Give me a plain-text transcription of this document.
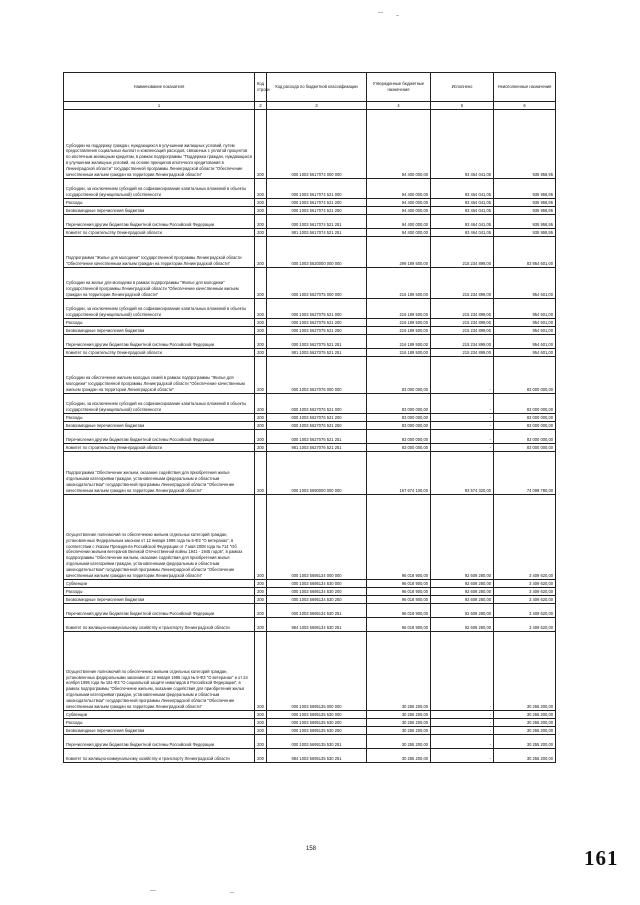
Наименование показателя	Код строки	Код расхода по бюджетной классификации	Утвержденные бюджетные назначения	Исполнено	Неисполненные назначения
1	2	3	4	5	6
Субсидии на поддержку граждан, нуждающихся в улучшении жилищных условий, путем предоставления социальных выплат и компенсаций расходов, связанных с уплатой процентов по ипотечным жилищным кредитам, в рамках подпрограммы "Поддержка граждан, нуждающихся в улучшении жилищных условий, на основе принципов ипотечного кредитования в Ленинградской области" государственной программы Ленинградской области "Обеспечение качественным жильем граждан на территории Ленинградской области"	200	000 1003 5617074 000 000	94 400 000,00	93 464 041,05	935 958,95
Субсидии, за исключением субсидий на софинансирование капитальных вложений в объекты государственной (муниципальной) собственности	200	000 1003 5617074 521 000	94 400 000,00	93 464 041,05	935 958,95
Расходы	200	000 1003 5617074 521 200	94 400 000,00	93 464 041,05	935 958,95
Безвозмездные перечисления бюджетам	200	000 1003 5617074 521 250	94 400 000,00	93 464 041,05	935 958,95
Перечисления другим бюджетам бюджетной системы Российской Федерации	200	000 1003 5617074 521 251	94 400 000,00	93 464 041,05	935 958,95
Комитет по строительству Ленинградской области	200	981 1003 5617074 521 251	94 400 000,00	93 464 041,05	935 958,95
Подпрограмма "Жилье для молодежи" государственной программы Ленинградской области "Обеспечение качественным жильем граждан на территории Ленинградской области"	200	000 1003 5620000 000 000	299 189 500,00	215 234 899,00	83 954 601,00
Субсидии на жилье для молодежи в рамках подпрограммы "Жилье для молодежи" государственной программы Ленинградской области "Обеспечение качественным жильем граждан на территории Ленинградской области"	200	000 1003 5627075 000 000	216 189 500,00	215 234 899,00	954 601,00
Субсидии, за исключением субсидий на софинансирование капитальных вложений в объекты государственной (муниципальной) собственности	200	000 1003 5627075 521 000	216 189 500,00	215 234 899,00	954 601,00
Расходы	200	000 1003 5627075 521 200	216 189 500,00	215 234 899,00	954 601,00
Безвозмездные перечисления бюджетам	200	000 1003 5627075 521 250	216 189 500,00	215 234 899,00	954 601,00
Перечисления другим бюджетам бюджетной системы Российской Федерации	200	000 1003 5627075 521 251	216 189 500,00	215 234 899,00	954 601,00
Комитет по строительству Ленинградской области	200	981 1003 5627075 521 251	216 189 500,00	215 234 899,00	954 601,00
Субсидии на обеспечение жильем молодых семей в рамках подпрограммы "Жилье для молодежи" государственной программы Ленинградской области "Обеспечение качественным жильем граждан на территории Ленинградской области"	200	000 1003 5627076 000 000	83 000 000,00	-	83 000 000,00
Субсидии, за исключением субсидий на софинансирование капитальных вложений в объекты государственной (муниципальной) собственности	200	000 1003 5627076 521 000	83 000 000,00	-	83 000 000,00
Расходы	200	000 1003 5627076 521 200	83 000 000,00	-	83 000 000,00
Безвозмездные перечисления бюджетам	200	000 1003 5627076 521 250	83 000 000,00	-	83 000 000,00
Перечисления другим бюджетам бюджетной системы Российской Федерации	200	000 1003 5627076 521 251	83 000 000,00	-	83 000 000,00
Комитет по строительству Ленинградской области	200	981 1003 5627076 521 251	83 000 000,00	-	83 000 000,00
Подпрограмма "Обеспечение жильем, оказание содействия для приобретения жилья отдельными категориями граждан, установленными федеральным и областным законодательством" государственной программы Ленинградской области "Обеспечение качественным жильем граждан на территории Ленинградской области"	200	000 1003 5690000 000 000	167 674 100,00	93 574 320,00	74 099 780,00
Осуществление полномочий по обеспечению жильем отдельных категорий граждан, установленных Федеральным законом от 12 января 1995 года № 5-ФЗ "О ветеранах", в соответствии с Указом Президента Российской Федерации от 7 мая 2008 года № 714 "Об обеспечении жильем ветеранов Великой Отечественной войны 1941 - 1945 годов", в рамках подпрограммы "Обеспечение жильем, оказание содействия для приобретения жилья отдельными категориями граждан, установленными федеральным и областным законодательством" государственной программы Ленинградской области "Обеспечение качественным жильем граждан на территории Ленинградской области"	200	000 1003 5695134 000 000	96 018 900,00	92 609 280,00	3 409 620,00
Субвенции	200	000 1003 5695134 530 000	96 018 900,00	92 609 280,00	3 409 620,00
Расходы	200	000 1003 5695134 530 200	96 018 900,00	92 609 280,00	3 409 620,00
Безвозмездные перечисления бюджетам	200	000 1003 5695134 530 250	96 018 900,00	92 609 280,00	3 409 620,00
Перечисления другим бюджетам бюджетной системы Российской Федерации	200	000 1003 5695134 530 251	96 018 900,00	92 609 280,00	3 409 620,00
Комитет по жилищно-коммунальному хозяйству и транспорту Ленинградской области	200	984 1003 5695134 530 251	96 018 900,00	92 609 280,00	3 409 620,00
Осуществление полномочий по обеспечению жильем отдельных категорий граждан, установленных федеральными законами от 12 января 1995 года № 5-ФЗ "О ветеранах" и от 24 ноября 1995 года № 181-ФЗ "О социальной защите инвалидов в Российской Федерации", в рамках подпрограммы "Обеспечение жильем, оказание содействия для приобретения жилья отдельными категориями граждан, установленными федеральным и областным законодательством" государственной программы Ленинградской области "Обеспечение качественным жильем граждан на территории Ленинградской области"	200	000 1003 5695135 000 000	30 255 200,00	-	30 255 200,00
Субвенции	200	000 1003 5695135 530 000	30 255 200,00	-	30 255 200,00
Расходы	200	000 1003 5695135 530 200	30 255 200,00	-	30 255 200,00
Безвозмездные перечисления бюджетам	200	000 1003 5695135 530 250	30 255 200,00	-	30 255 200,00
Перечисления другим бюджетам бюджетной системы Российской Федерации	200	000 1003 5695135 530 251	30 255 200,00	-	30 255 200,00
Комитет по жилищно-коммунальному хозяйству и транспорту Ленинградской области	200	984 1003 5695135 530 251	30 255 200,00	-	30 255 200,00
158	161
